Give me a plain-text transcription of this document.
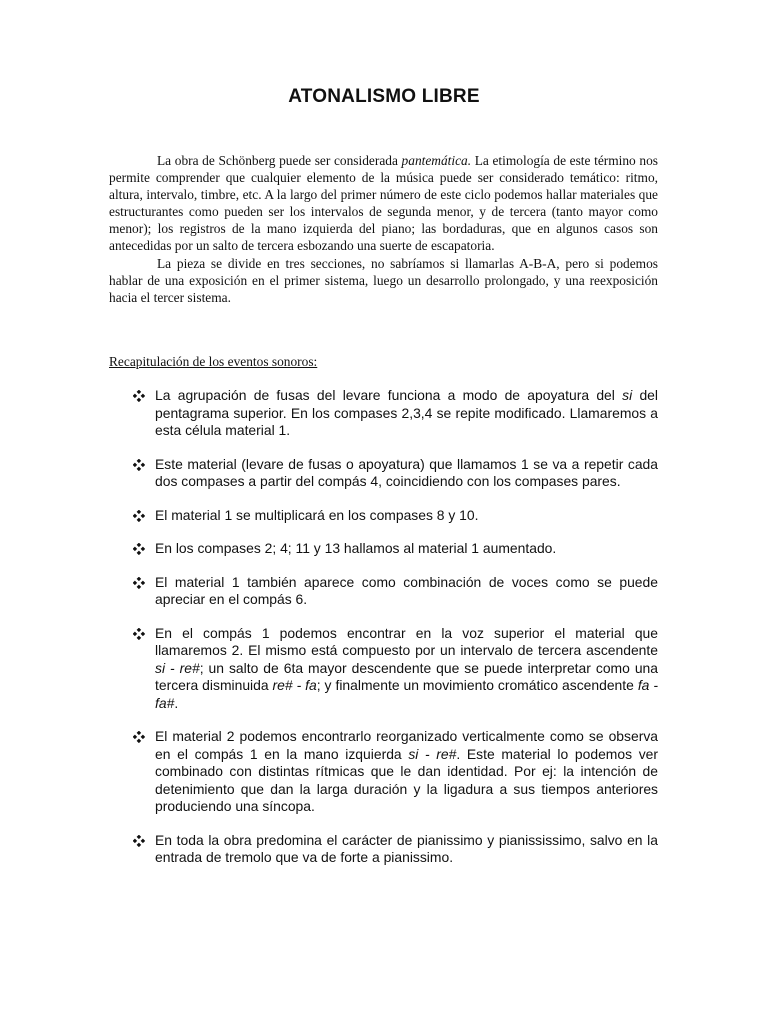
ATONALISMO LIBRE

La obra de Schönberg puede ser considerada pantemática. La etimología de este término nos permite comprender que cualquier elemento de la música puede ser considerado temático: ritmo, altura, intervalo, timbre, etc. A la largo del primer número de este ciclo podemos hallar materiales que estructurantes como pueden ser los intervalos de segunda menor, y de tercera (tanto mayor como menor); los registros de la mano izquierda del piano; las bordaduras, que en algunos casos son antecedidas por un salto de tercera esbozando una suerte de escapatoria.

La pieza se divide en tres secciones, no sabríamos si llamarlas A-B-A, pero si podemos hablar de una exposición en el primer sistema, luego un desarrollo prolongado, y una reexposición hacia el tercer sistema.

Recapitulación de los eventos sonoros:
La agrupación de fusas del levare funciona a modo de apoyatura del si del pentagrama superior. En los compases 2,3,4 se repite modificado. Llamaremos a esta célula material 1.
Este material (levare de fusas o apoyatura) que llamamos 1 se va a repetir cada dos compases a partir del compás 4, coincidiendo con los compases pares.
El material 1 se multiplicará en los compases 8 y 10.
En los compases 2; 4; 11 y 13 hallamos al material 1 aumentado.
El material 1 también aparece como combinación de voces como se puede apreciar en el compás 6.
En el compás 1 podemos encontrar en la voz superior el material que llamaremos 2. El mismo está compuesto por un intervalo de tercera ascendente si - re#; un salto de 6ta mayor descendente que se puede interpretar como una tercera disminuida re# - fa; y finalmente un movimiento cromático ascendente fa - fa#.
El material 2 podemos encontrarlo reorganizado verticalmente como se observa en el compás 1 en la mano izquierda si - re#. Este material lo podemos ver combinado con distintas rítmicas que le dan identidad. Por ej: la intención de detenimiento que dan la larga duración y la ligadura a sus tiempos anteriores produciendo una síncopa.
En toda la obra predomina el carácter de pianissimo y pianississimo, salvo en la entrada de tremolo que va de forte a pianissimo.
